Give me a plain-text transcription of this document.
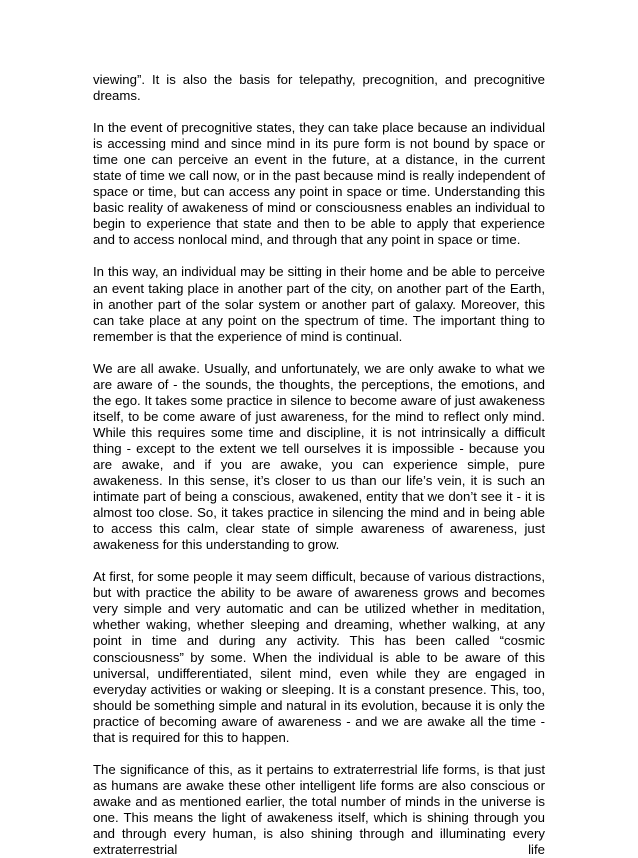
viewing”. It is also the basis for telepathy, precognition, and precognitive dreams.

In the event of precognitive states, they can take place because an individual is accessing mind and since mind in its pure form is not bound by space or time one can perceive an event in the future, at a distance, in the current state of time we call now, or in the past because mind is really independent of space or time, but can access any point in space or time. Understanding this basic reality of awakeness of mind or consciousness enables an individual to begin to experience that state and then to be able to apply that experience and to access nonlocal mind, and through that any point in space or time.

In this way, an individual may be sitting in their home and be able to perceive an event taking place in another part of the city, on another part of the Earth, in another part of the solar system or another part of galaxy. Moreover, this can take place at any point on the spectrum of time. The important thing to remember is that the experience of mind is continual.

We are all awake. Usually, and unfortunately, we are only awake to what we are aware of - the sounds, the thoughts, the perceptions, the emotions, and the ego. It takes some practice in silence to become aware of just awakeness itself, to be come aware of just awareness, for the mind to reflect only mind. While this requires some time and discipline, it is not intrinsically a difficult thing - except to the extent we tell ourselves it is impossible - because you are awake, and if you are awake, you can experience simple, pure awakeness. In this sense, it’s closer to us than our life’s vein, it is such an intimate part of being a conscious, awakened, entity that we don’t see it - it is almost too close. So, it takes practice in silencing the mind and in being able to access this calm, clear state of simple awareness of awareness, just awakeness for this understanding to grow.

At first, for some people it may seem difficult, because of various distractions, but with practice the ability to be aware of awareness grows and becomes very simple and very automatic and can be utilized whether in meditation, whether waking, whether sleeping and dreaming, whether walking, at any point in time and during any activity. This has been called “cosmic consciousness” by some. When the individual is able to be aware of this universal, undifferentiated, silent mind, even while they are engaged in everyday activities or waking or sleeping. It is a constant presence. This, too, should be something simple and natural in its evolution, because it is only the practice of becoming aware of awareness - and we are awake all the time - that is required for this to happen.

The significance of this, as it pertains to extraterrestrial life forms, is that just as humans are awake these other intelligent life forms are also conscious or awake and as mentioned earlier, the total number of minds in the universe is one. This means the light of awakeness itself, which is shining through you and through every human, is also shining through and illuminating every extraterrestrial life
